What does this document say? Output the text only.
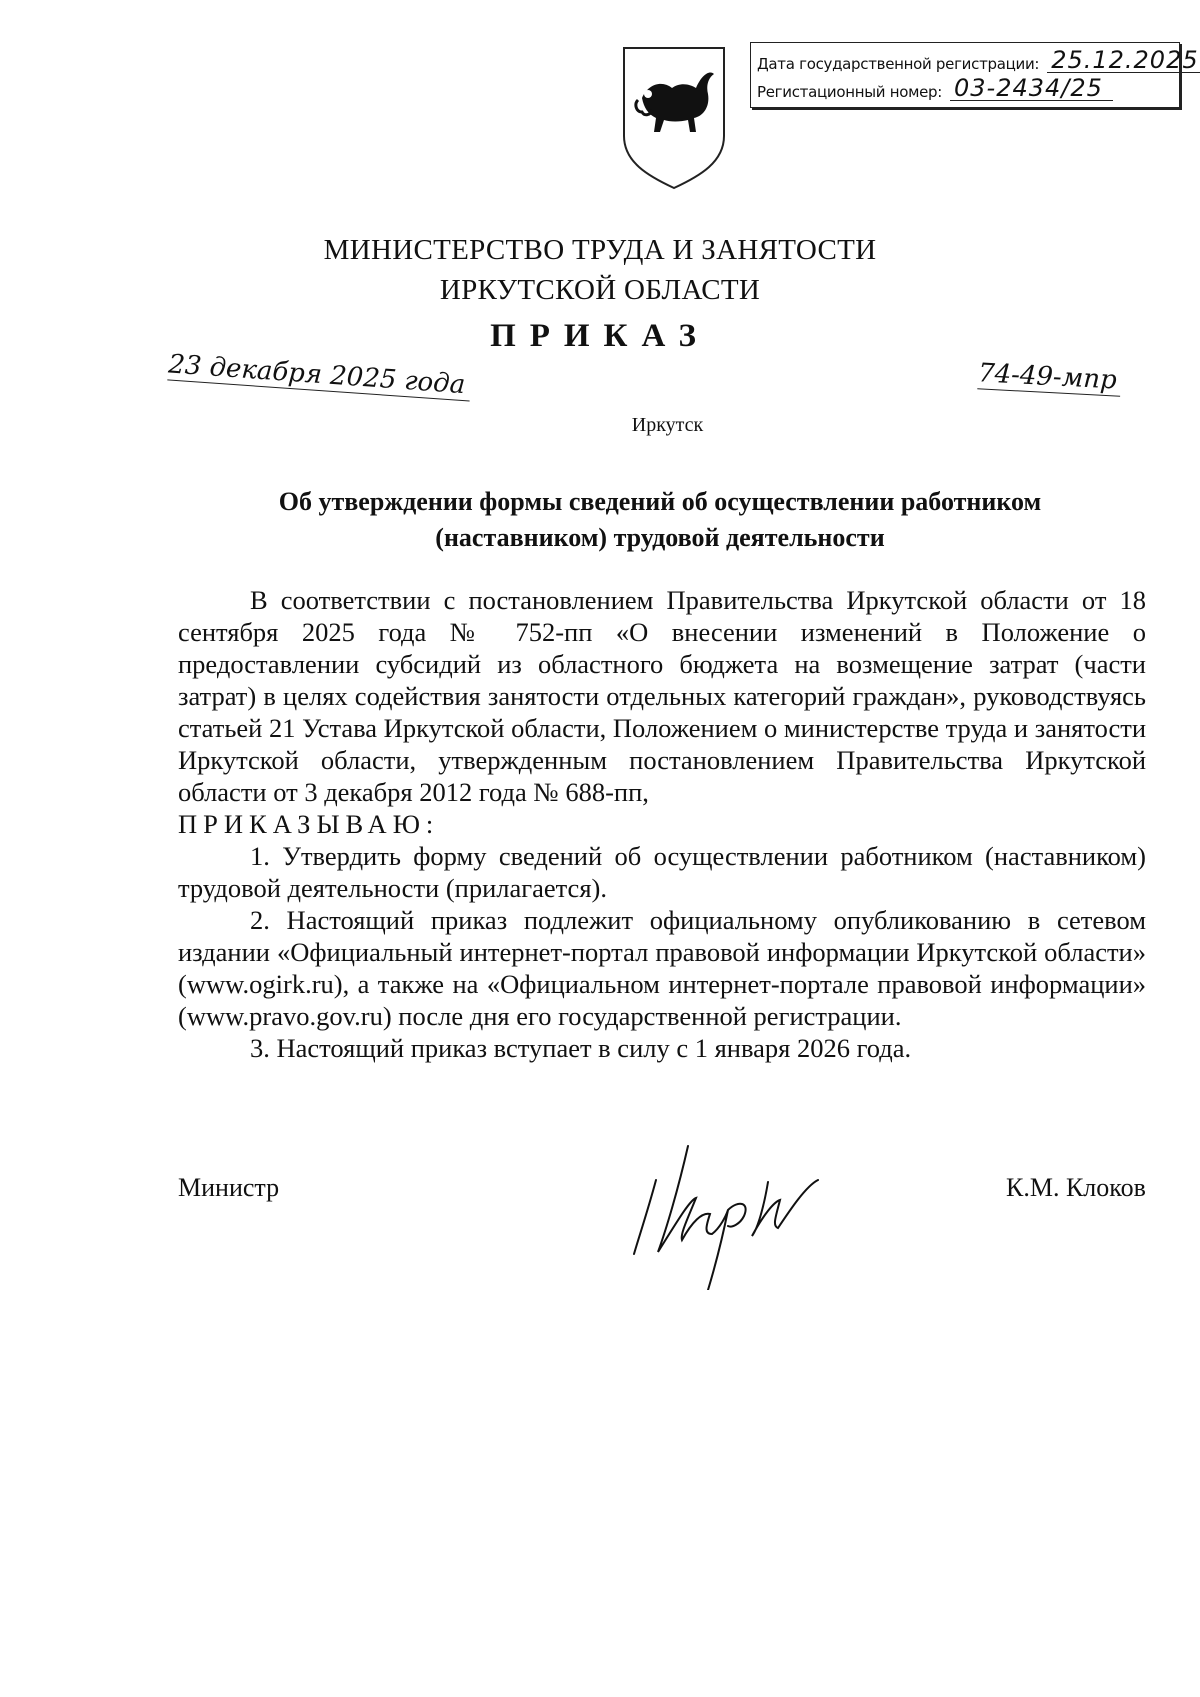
Дата государственной регистрации: 25.12.2025
Регистационный номер: 03-2434/25
МИНИСТЕРСТВО ТРУДА И ЗАНЯТОСТИ
ИРКУТСКОЙ ОБЛАСТИ
ПРИКАЗ
23 декабря 2025 года	74-49-мпр
Иркутск
Об утверждении формы сведений об осуществлении работником
(наставником) трудовой деятельности

В соответствии с постановлением Правительства Иркутской области от 18 сентября 2025 года № 752-пп «О внесении изменений в Положение о предоставлении субсидий из областного бюджета на возмещение затрат (части затрат) в целях содействия занятости отдельных категорий граждан», руководствуясь статьей 21 Устава Иркутской области, Положением о министерстве труда и занятости Иркутской области, утвержденным постановлением Правительства Иркутской области от 3 декабря 2012 года № 688-пп,

ПРИКАЗЫВАЮ:

1. Утвердить форму сведений об осуществлении работником (наставником) трудовой деятельности (прилагается).

2. Настоящий приказ подлежит официальному опубликованию в сетевом издании «Официальный интернет-портал правовой информации Иркутской области» (www.ogirk.ru), а также на «Официальном интернет-портале правовой информации» (www.pravo.gov.ru) после дня его государственной регистрации.

3. Настоящий приказ вступает в силу с 1 января 2026 года.

Министр	К.М. Клоков
